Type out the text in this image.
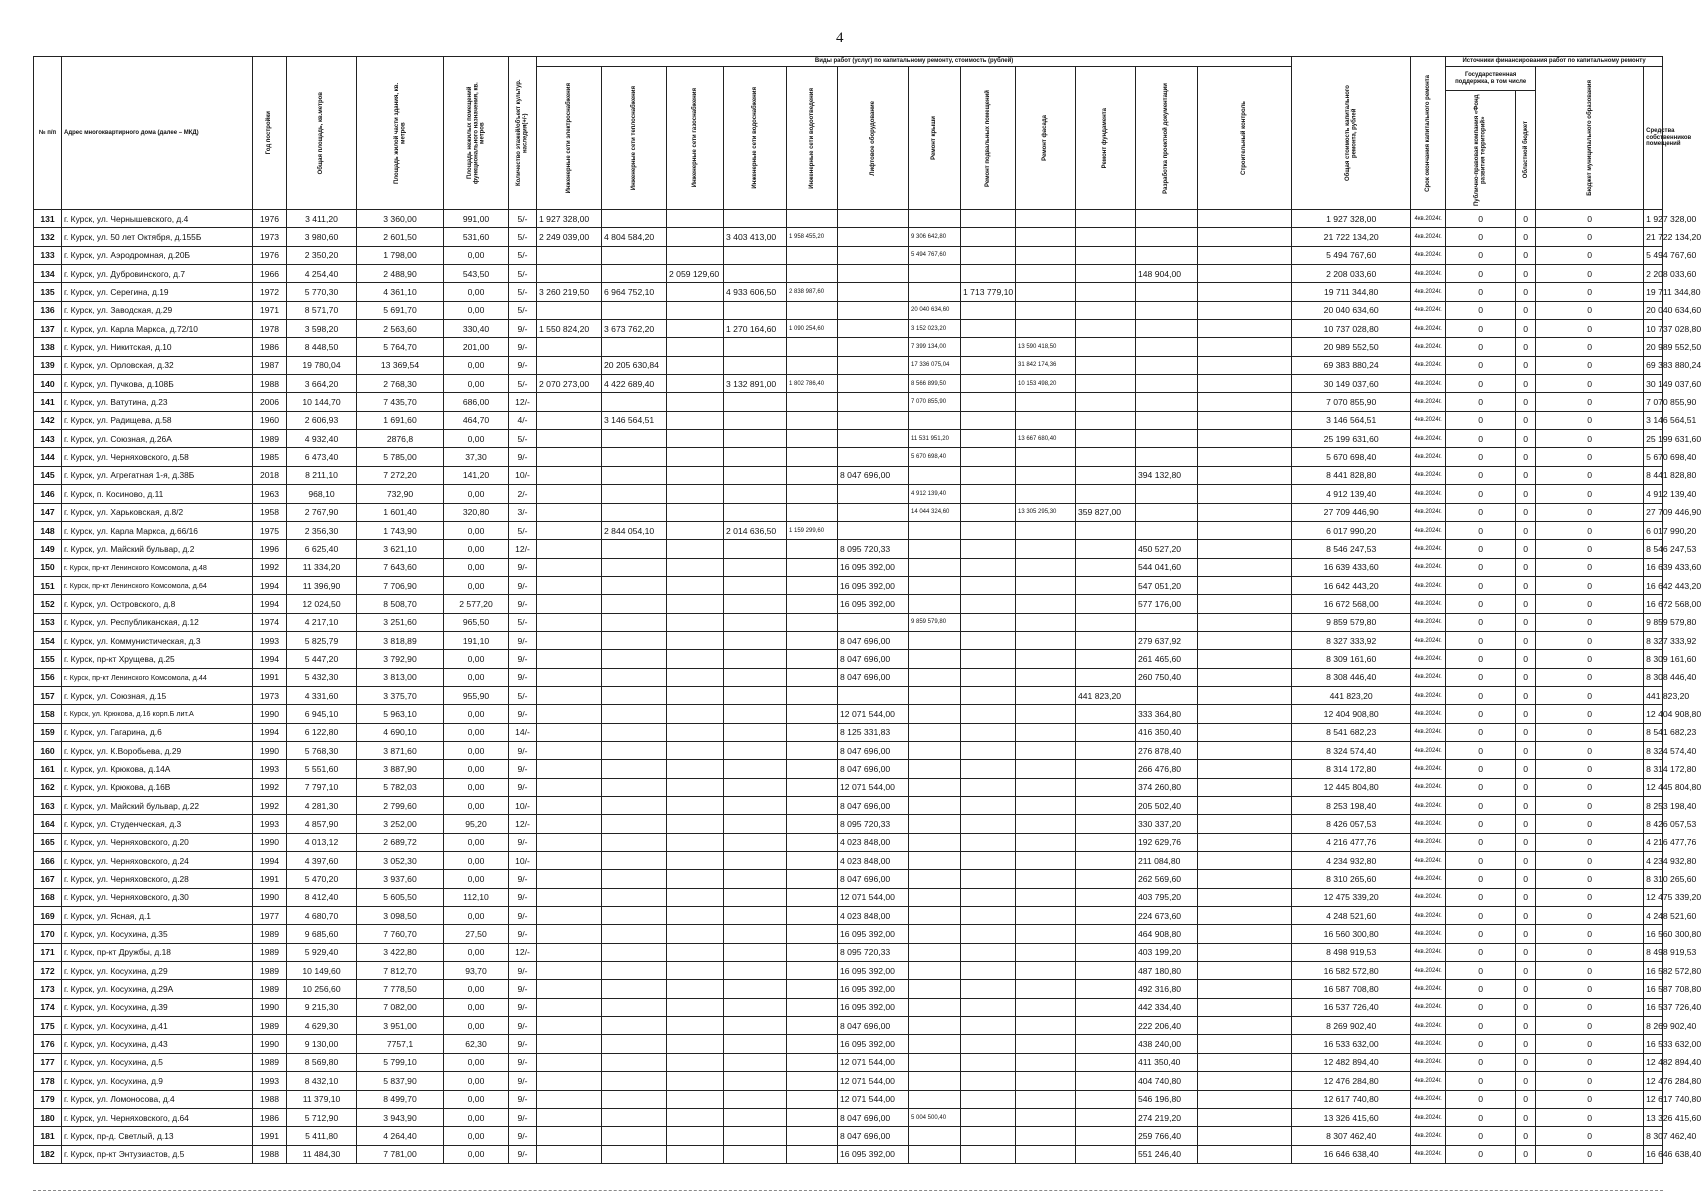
4
№ п/п	Адрес многоквартирного дома (далее – МКД)	Год постройки	Общая площадь, кв.метров	Площадь жилой части здания, кв. метров	Площадь нежилых помещений функционального назначения, кв. метров	Количество этажей/объект культур. наследия(+/-)	Виды работ (услуг) по капитальному ремонту, стоимость (рублей)												Общая стоимость капитального ремонта, рублей	Срок окончания капитального ремонта	Источники финансирования работ по капитальному ремонту			

							Инженерные сети электроснабжения	Инженерные сети теплоснабжения	Инженерные сети газоснабжения	Инженерные сети водоснабжения	Инженерные сети водоотведения	Лифтовое оборудование	Ремонт крыши	Ремонт подвальных помещений	Ремонт фасада	Ремонт фундамента	Разработка проектной документации	Строительный контроль			Государственная поддержка, в том числе		Бюджет муниципального образования	Средства собственников помещений

																					Публично-правовая компания «Фонд развития территорий»	Областной бюджет		

131	г. Курск, ул. Чернышевского, д.4	1976	3 411,20	3 360,00	991,00	5/-	1 927 328,00												1 927 328,00	4кв.2024г.	0	0	0	1 927 328,00
132	г. Курск, ул. 50 лет Октября, д.155Б	1973	3 980,60	2 601,50	531,60	5/-	2 249 039,00	4 804 584,20		3 403 413,00	1 958 455,20		9 306 642,80						21 722 134,20	4кв.2024г.	0	0	0	21 722 134,20
133	г. Курск, ул. Аэродромная, д.20Б	1976	2 350,20	1 798,00	0,00	5/-							5 494 767,60						5 494 767,60	4кв.2024г.	0	0	0	5 494 767,60
134	г. Курск, ул. Дубровинского, д.7	1966	4 254,40	2 488,90	543,50	5/-			2 059 129,60								148 904,00		2 208 033,60	4кв.2024г.	0	0	0	2 208 033,60
135	г. Курск, ул. Серегина, д.19	1972	5 770,30	4 361,10	0,00	5/-	3 260 219,50	6 964 752,10		4 933 606,50	2 838 987,60			1 713 779,10					19 711 344,80	4кв.2024г.	0	0	0	19 711 344,80
136	г. Курск, ул. Заводская, д.29	1971	8 571,70	5 691,70	0,00	5/-							20 040 634,60						20 040 634,60	4кв.2024г.	0	0	0	20 040 634,60
137	г. Курск, ул. Карла Маркса, д.72/10	1978	3 598,20	2 563,60	330,40	9/-	1 550 824,20	3 673 762,20		1 270 164,60	1 090 254,60		3 152 023,20						10 737 028,80	4кв.2024г.	0	0	0	10 737 028,80
138	г. Курск, ул. Никитская, д.10	1986	8 448,50	5 764,70	201,00	9/-							7 399 134,00		13 590 418,50				20 989 552,50	4кв.2024г.	0	0	0	20 989 552,50
139	г. Курск, ул. Орловская, д.32	1987	19 780,04	13 369,54	0,00	9/-		20 205 630,84					17 336 075,04		31 842 174,36				69 383 880,24	4кв.2024г.	0	0	0	69 383 880,24
140	г. Курск, ул. Пучкова, д.108Б	1988	3 664,20	2 768,30	0,00	5/-	2 070 273,00	4 422 689,40		3 132 891,00	1 802 786,40		8 566 899,50		10 153 498,20				30 149 037,60	4кв.2024г.	0	0	0	30 149 037,60
141	г. Курск, ул. Ватутина, д.23	2006	10 144,70	7 435,70	686,00	12/-							7 070 855,90						7 070 855,90	4кв.2024г.	0	0	0	7 070 855,90
142	г. Курск, ул. Радищева, д.58	1960	2 606,93	1 691,60	464,70	4/-		3 146 564,51											3 146 564,51	4кв.2024г.	0	0	0	3 146 564,51
143	г. Курск, ул. Союзная, д.26А	1989	4 932,40	2876,8	0,00	5/-							11 531 951,20		13 667 680,40				25 199 631,60	4кв.2024г.	0	0	0	25 199 631,60
144	г. Курск, ул. Черняховского, д.58	1985	6 473,40	5 785,00	37,30	9/-							5 670 698,40						5 670 698,40	4кв.2024г.	0	0	0	5 670 698,40
145	г. Курск, ул. Агрегатная 1-я, д.38Б	2018	8 211,10	7 272,20	141,20	10/-						8 047 696,00					394 132,80		8 441 828,80	4кв.2024г.	0	0	0	8 441 828,80
146	г. Курск, п. Косиново, д.11	1963	968,10	732,90	0,00	2/-							4 912 139,40						4 912 139,40	4кв.2024г.	0	0	0	4 912 139,40
147	г. Курск, ул. Харьковская, д.8/2	1958	2 767,90	1 601,40	320,80	3/-							14 044 324,60		13 305 295,30	359 827,00			27 709 446,90	4кв.2024г.	0	0	0	27 709 446,90
148	г. Курск, ул. Карла Маркса, д.66/16	1975	2 356,30	1 743,90	0,00	5/-		2 844 054,10		2 014 636,50	1 159 299,60								6 017 990,20	4кв.2024г.	0	0	0	6 017 990,20
149	г. Курск, ул. Майский бульвар, д.2	1996	6 625,40	3 621,10	0,00	12/-						8 095 720,33					450 527,20		8 546 247,53	4кв.2024г.	0	0	0	8 546 247,53
150	г. Курск, пр-кт Ленинского Комсомола, д.48	1992	11 334,20	7 643,60	0,00	9/-						16 095 392,00					544 041,60		16 639 433,60	4кв.2024г.	0	0	0	16 639 433,60
151	г. Курск, пр-кт Ленинского Комсомола, д.64	1994	11 396,90	7 706,90	0,00	9/-						16 095 392,00					547 051,20		16 642 443,20	4кв.2024г.	0	0	0	16 642 443,20
152	г. Курск, ул. Островского, д.8	1994	12 024,50	8 508,70	2 577,20	9/-						16 095 392,00					577 176,00		16 672 568,00	4кв.2024г.	0	0	0	16 672 568,00
153	г. Курск, ул. Республиканская, д.12	1974	4 217,10	3 251,60	965,50	5/-							9 859 579,80						9 859 579,80	4кв.2024г.	0	0	0	9 859 579,80
154	г. Курск, ул. Коммунистическая, д.3	1993	5 825,79	3 818,89	191,10	9/-						8 047 696,00					279 637,92		8 327 333,92	4кв.2024г.	0	0	0	8 327 333,92
155	г. Курск, пр-кт Хрущева, д.25	1994	5 447,20	3 792,90	0,00	9/-						8 047 696,00					261 465,60		8 309 161,60	4кв.2024г.	0	0	0	8 309 161,60
156	г. Курск, пр-кт Ленинского Комсомола, д.44	1991	5 432,30	3 813,00	0,00	9/-						8 047 696,00					260 750,40		8 308 446,40	4кв.2024г.	0	0	0	8 308 446,40
157	г. Курск, ул. Союзная, д.15	1973	4 331,60	3 375,70	955,90	5/-										441 823,20			441 823,20	4кв.2024г.	0	0	0	441 823,20
158	г. Курск, ул. Крюкова, д.16 корп.Б лит.А	1990	6 945,10	5 963,10	0,00	9/-						12 071 544,00					333 364,80		12 404 908,80	4кв.2024г.	0	0	0	12 404 908,80
159	г. Курск, ул. Гагарина, д.6	1994	6 122,80	4 690,10	0,00	14/-						8 125 331,83					416 350,40		8 541 682,23	4кв.2024г.	0	0	0	8 541 682,23
160	г. Курск, ул. К.Воробьева, д.29	1990	5 768,30	3 871,60	0,00	9/-						8 047 696,00					276 878,40		8 324 574,40	4кв.2024г.	0	0	0	8 324 574,40
161	г. Курск, ул. Крюкова, д.14А	1993	5 551,60	3 887,90	0,00	9/-						8 047 696,00					266 476,80		8 314 172,80	4кв.2024г.	0	0	0	8 314 172,80
162	г. Курск, ул. Крюкова, д.16В	1992	7 797,10	5 782,03	0,00	9/-						12 071 544,00					374 260,80		12 445 804,80	4кв.2024г.	0	0	0	12 445 804,80
163	г. Курск, ул. Майский бульвар, д.22	1992	4 281,30	2 799,60	0,00	10/-						8 047 696,00					205 502,40		8 253 198,40	4кв.2024г.	0	0	0	8 253 198,40
164	г. Курск, ул. Студенческая, д.3	1993	4 857,90	3 252,00	95,20	12/-						8 095 720,33					330 337,20		8 426 057,53	4кв.2024г.	0	0	0	8 426 057,53
165	г. Курск, ул. Черняховского, д.20	1990	4 013,12	2 689,72	0,00	9/-						4 023 848,00					192 629,76		4 216 477,76	4кв.2024г.	0	0	0	4 216 477,76
166	г. Курск, ул. Черняховского, д.24	1994	4 397,60	3 052,30	0,00	10/-						4 023 848,00					211 084,80		4 234 932,80	4кв.2024г.	0	0	0	4 234 932,80
167	г. Курск, ул. Черняховского, д.28	1991	5 470,20	3 937,60	0,00	9/-						8 047 696,00					262 569,60		8 310 265,60	4кв.2024г.	0	0	0	8 310 265,60
168	г. Курск, ул. Черняховского, д.30	1990	8 412,40	5 605,50	112,10	9/-						12 071 544,00					403 795,20		12 475 339,20	4кв.2024г.	0	0	0	12 475 339,20
169	г. Курск, ул. Ясная, д.1	1977	4 680,70	3 098,50	0,00	9/-						4 023 848,00					224 673,60		4 248 521,60	4кв.2024г.	0	0	0	4 248 521,60
170	г. Курск, ул. Косухина, д.35	1989	9 685,60	7 760,70	27,50	9/-						16 095 392,00					464 908,80		16 560 300,80	4кв.2024г.	0	0	0	16 560 300,80
171	г. Курск, пр-кт Дружбы, д.18	1989	5 929,40	3 422,80	0,00	12/-						8 095 720,33					403 199,20		8 498 919,53	4кв.2024г.	0	0	0	8 498 919,53
172	г. Курск, ул. Косухина, д.29	1989	10 149,60	7 812,70	93,70	9/-						16 095 392,00					487 180,80		16 582 572,80	4кв.2024г.	0	0	0	16 582 572,80
173	г. Курск, ул. Косухина, д.29А	1989	10 256,60	7 778,50	0,00	9/-						16 095 392,00					492 316,80		16 587 708,80	4кв.2024г.	0	0	0	16 587 708,80
174	г. Курск, ул. Косухина, д.39	1990	9 215,30	7 082,00	0,00	9/-						16 095 392,00					442 334,40		16 537 726,40	4кв.2024г.	0	0	0	16 537 726,40
175	г. Курск, ул. Косухина, д.41	1989	4 629,30	3 951,00	0,00	9/-						8 047 696,00					222 206,40		8 269 902,40	4кв.2024г.	0	0	0	8 269 902,40
176	г. Курск, ул. Косухина, д.43	1990	9 130,00	7757,1	62,30	9/-						16 095 392,00					438 240,00		16 533 632,00	4кв.2024г.	0	0	0	16 533 632,00
177	г. Курск, ул. Косухина, д.5	1989	8 569,80	5 799,10	0,00	9/-						12 071 544,00					411 350,40		12 482 894,40	4кв.2024г.	0	0	0	12 482 894,40
178	г. Курск, ул. Косухина, д.9	1993	8 432,10	5 837,90	0,00	9/-						12 071 544,00					404 740,80		12 476 284,80	4кв.2024г.	0	0	0	12 476 284,80
179	г. Курск, ул. Ломоносова, д.4	1988	11 379,10	8 499,70	0,00	9/-						12 071 544,00					546 196,80		12 617 740,80	4кв.2024г.	0	0	0	12 617 740,80
180	г. Курск, ул. Черняховского, д.64	1986	5 712,90	3 943,90	0,00	9/-						8 047 696,00	5 004 500,40				274 219,20		13 326 415,60	4кв.2024г.	0	0	0	13 326 415,60
181	г. Курск, пр-д. Светлый, д.13	1991	5 411,80	4 264,40	0,00	9/-						8 047 696,00					259 766,40		8 307 462,40	4кв.2024г.	0	0	0	8 307 462,40
182	г. Курск, пр-кт Энтузиастов, д.5	1988	11 484,30	7 781,00	0,00	9/-						16 095 392,00					551 246,40		16 646 638,40	4кв.2024г.	0	0	0	16 646 638,40
